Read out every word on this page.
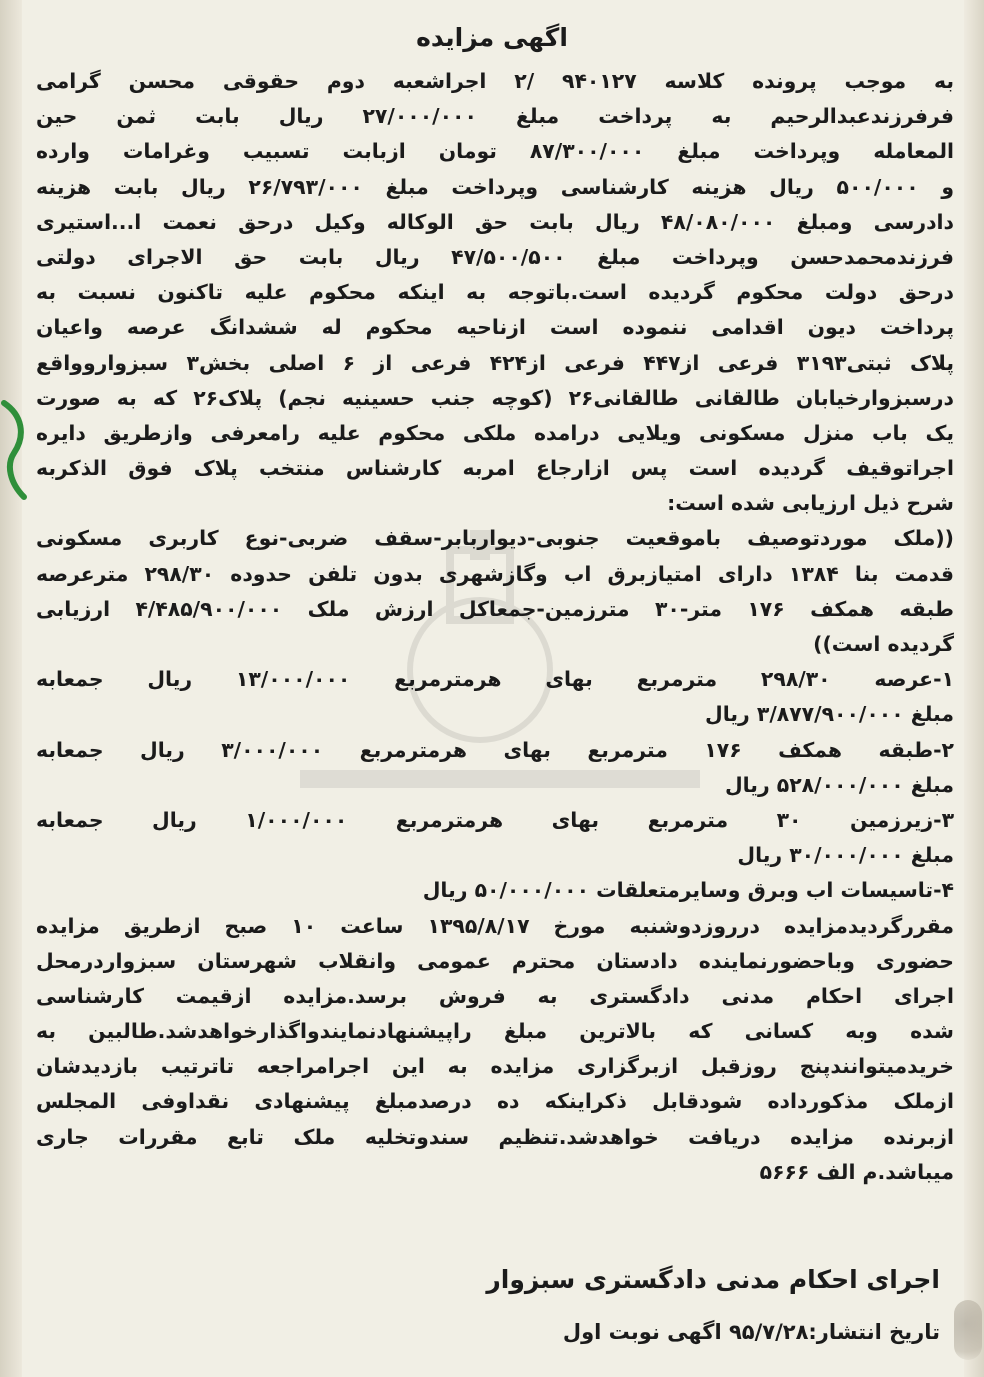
اگهی مزایده
به موجب پرونده کلاسه ۹۴۰۱۲۷ /۲ اجراشعبه دوم حقوقی محسن گرامی
فرفرزندعبدالرحیم به پرداخت مبلغ ۲۷/۰۰۰/۰۰۰ ریال بابت ثمن حین
المعامله وپرداخت مبلغ ۸۷/۳۰۰/۰۰۰ تومان ازبابت تسبیب وغرامات وارده
و ۵۰۰/۰۰۰ ریال هزینه کارشناسی وپرداخت مبلغ ۲۶/۷۹۳/۰۰۰ ریال بابت هزینه
دادرسی ومبلغ ۴۸/۰۸۰/۰۰۰ ریال بابت حق الوکاله وکیل درحق نعمت ا...استیری
فرزندمحمدحسن وپرداخت مبلغ ۴۷/۵۰۰/۵۰۰ ریال بابت حق الاجرای دولتی
درحق دولت محکوم گردیده است.باتوجه به اینکه محکوم علیه تاکنون نسبت به
پرداخت دیون اقدامی ننموده است ازناحیه محکوم له ششدانگ عرصه واعیان
پلاک ثبتی۳۱۹۳ فرعی از۴۴۷ فرعی از۴۲۴ فرعی از ۶ اصلی بخش۳ سبزواروواقع
درسبزوارخیابان طالقانی طالقانی۲۶ (کوچه جنب حسینیه نجم) پلاک۲۶ که به صورت
یک باب منزل مسکونی ویلایی درامده ملکی محکوم علیه رامعرفی وازطریق دایره
اجراتوقیف گردیده است پس ازارجاع امربه کارشناس منتخب پلاک فوق الذکربه
شرح ذیل ارزیابی شده است:
((ملک موردتوصیف باموقعیت جنوبی-دیواربابر-سقف ضربی-نوع کاربری مسکونی
قدمت بنا ۱۳۸۴ دارای امتیازبرق اب وگازشهری بدون تلفن حدوده ۲۹۸/۳۰ مترعرصه
طبقه همکف ۱۷۶ متر-۳۰ مترزمین-جمعاکل ارزش ملک ۴/۴۸۵/۹۰۰/۰۰۰ ارزیابی
گردیده است))
۱-عرصه ۲۹۸/۳۰ مترمربع بهای هرمترمربع ۱۳/۰۰۰/۰۰۰ ریال جمعابه
مبلغ ۳/۸۷۷/۹۰۰/۰۰۰ ریال
۲-طبقه همکف ۱۷۶ مترمربع بهای هرمترمربع ۳/۰۰۰/۰۰۰ ریال جمعابه
مبلغ ۵۲۸/۰۰۰/۰۰۰ ریال
۳-زیرزمین ۳۰ مترمربع بهای هرمترمربع ۱/۰۰۰/۰۰۰ ریال جمعابه
مبلغ ۳۰/۰۰۰/۰۰۰ ریال
۴-تاسیسات اب وبرق وسایرمتعلقات ۵۰/۰۰۰/۰۰۰ ریال
مقررگردیدمزایده درروزدوشنبه مورخ ۱۳۹۵/۸/۱۷ ساعت ۱۰ صبح ازطریق مزایده
حضوری وباحضورنماینده دادستان محترم عمومی وانقلاب شهرستان سبزواردرمحل
اجرای احکام مدنی دادگستری به فروش برسد.مزایده ازقیمت کارشناسی
شده وبه کسانی که بالاترین مبلغ راپیشنهادنمایندواگذارخواهدشد.طالبین به
خریدمیتوانندپنج روزقبل ازبرگزاری مزایده به این اجرامراجعه تاترتیب بازدیدشان
ازملک مذکورداده شودقابل ذکراینکه ده درصدمبلغ پیشنهادی نقداوفی المجلس
ازبرنده مزایده دریافت خواهدشد.تنظیم سندوتخلیه ملک تابع مقررات جاری
میباشد.م الف ۵۶۶۶
اجرای احکام مدنی دادگستری سبزوار
تاریخ انتشار:۹۵/۷/۲۸ اگهی نوبت اول
